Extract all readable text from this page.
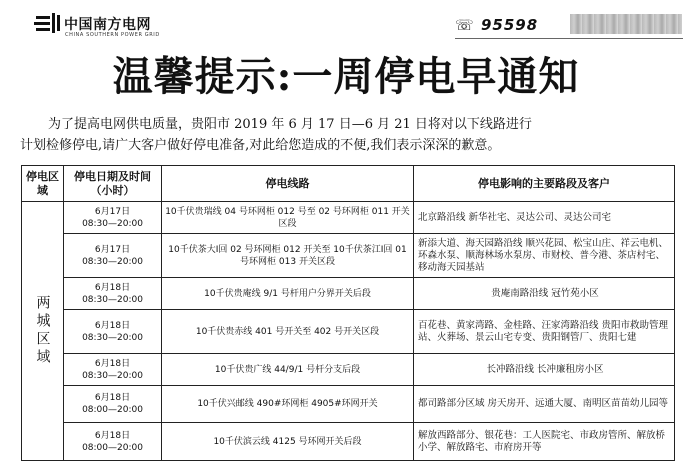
中国南方电网
CHINA SOUTHERN POWER GRID
☏ 95598
温馨提示:一周停电早通知
为了提高电网供电质量，贵阳市 2019 年 6 月 17 日—6 月 21 日将对以下线路进行
计划检修停电,请广大客户做好停电准备,对此给您造成的不便,我们表示深深的歉意。
停电区域	停电日期及时间（小时）	停电线路	停电影响的主要路段及客户

两城区域	6月17日
08:30—20:00	10千伏贵瑞线 04 号环网柜 012 号至 02 号环网柜 011 开关区段	北京路沿线 新华社宅、灵达公司、灵达公司宅

	6月17日
08:30—20:00	10千伏茶大Ⅰ回 02 号环网柜 012 开关至 10千伏茶江Ⅰ回 01 号环网柜 013 开关区段	新添大道、海天园路沿线 顺兴花园、松宝山庄、祥云电机、环森水泵、顺海林场水泵房、市财校、普今港、茶店村宅、移动海天园基站

	6月18日
08:30—20:00	10千伏贵庵线 9/1 号杆用户分界开关后段	贵庵南路沿线 冠竹苑小区

	6月18日
08:30—20:00	10千伏贵赤线 401 号开关至 402 号开关区段	百花巷、黄家湾路、金桂路、汪家湾路沿线 贵阳市救助管理站、火葬场、景云山宅专变、贵阳钢管厂、贵阳七建

	6月18日
08:30—20:00	10千伏贵广线 44/9/1 号杆分支后段	长冲路沿线 长冲廉租房小区

	6月18日
08:00—20:00	10千伏兴邮线 490#环网柜 4905#环网开关	都司路部分区域 房天房开、远通大厦、南明区苗苗幼儿园等

	6月18日
08:00—20:00	10千伏滨云线 4125 号环网开关后段	解放西路部分、银花巷：工人医院宅、市政房管所、解放桥小学、解放路宅、市府房开等
